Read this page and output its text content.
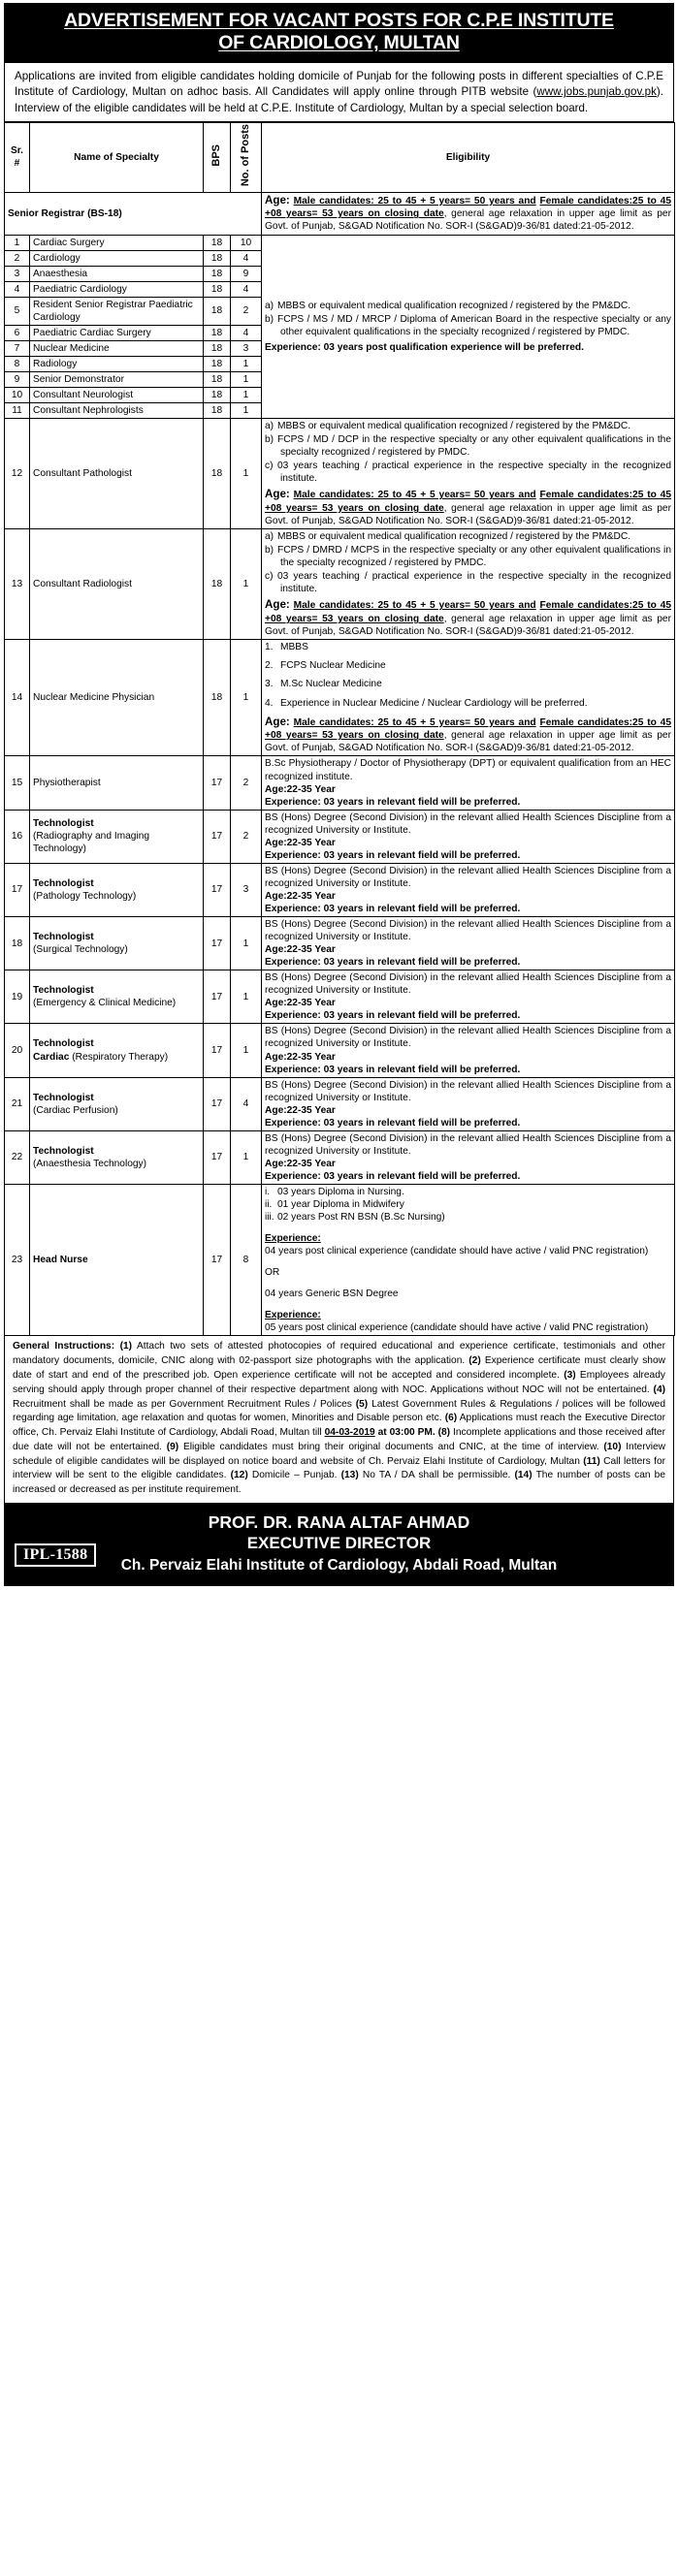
ADVERTISEMENT FOR VACANT POSTS FOR C.P.E INSTITUTE
OF CARDIOLOGY, MULTAN
Applications are invited from eligible candidates holding domicile of Punjab for the following posts in different specialties of C.P.E Institute of Cardiology, Multan on adhoc basis. All Candidates will apply online through PITB website (www.jobs.punjab.gov.pk). Interview of the eligible candidates will be held at C.P.E. Institute of Cardiology, Multan by a special selection board.
Sr.
#	Name of Specialty	BPS	No. of Posts	Eligibility
Senior Registrar (BS-18)				Age: Male candidates: 25 to 45 + 5 years= 50 years and Female candidates:25 to 45 +08 years= 53 years on closing date, general age relaxation in upper age limit as per Govt. of Punjab, S&GAD Notification No. SOR-I (S&GAD)9-36/81 dated:21-05-2012.
1	Cardiac Surgery	18	10	
a) MBBS or equivalent medical qualification recognized / registered by the PM&DC.
b) FCPS / MS / MD / MRCP / Diploma of American Board in the respective specialty or any other equivalent qualifications in the specialty recognized / registered by PMDC.
Experience: 03 years post qualification experience will be preferred.

2	Cardiology	18	4	
3	Anaesthesia	18	9	
4	Paediatric Cardiology	18	4	
5	Resident Senior Registrar Paediatric Cardiology	18	2	
6	Paediatric Cardiac Surgery	18	4	
7	Nuclear Medicine	18	3	
8	Radiology	18	1	
9	Senior Demonstrator	18	1	
10	Consultant Neurologist	18	1	
11	Consultant Nephrologists	18	1	
12	Consultant Pathologist	18	1	
a) MBBS or equivalent medical qualification recognized / registered by the PM&DC.
b) FCPS / MD / DCP in the respective specialty or any other equivalent qualifications in the specialty recognized / registered by PMDC.
c) 03 years teaching / practical experience in the respective specialty in the recognized institute.
Age: Male candidates: 25 to 45 + 5 years= 50 years and Female candidates:25 to 45 +08 years= 53 years on closing date, general age relaxation in upper age limit as per Govt. of Punjab, S&GAD Notification No. SOR-I (S&GAD)9-36/81 dated:21-05-2012.

13	Consultant Radiologist	18	1	
a) MBBS or equivalent medical qualification recognized / registered by the PM&DC.
b) FCPS / DMRD / MCPS in the respective specialty or any other equivalent qualifications in the specialty recognized / registered by PMDC.
c) 03 years teaching / practical experience in the respective specialty in the recognized institute.
Age: Male candidates: 25 to 45 + 5 years= 50 years and Female candidates:25 to 45 +08 years= 53 years on closing date, general age relaxation in upper age limit as per Govt. of Punjab, S&GAD Notification No. SOR-I (S&GAD)9-36/81 dated:21-05-2012.

14	Nuclear Medicine Physician	18	1	
1. MBBS
2. FCPS Nuclear Medicine
3. M.Sc Nuclear Medicine
4. Experience in Nuclear Medicine / Nuclear Cardiology will be preferred.
Age: Male candidates: 25 to 45 + 5 years= 50 years and Female candidates:25 to 45 +08 years= 53 years on closing date, general age relaxation in upper age limit as per Govt. of Punjab, S&GAD Notification No. SOR-I (S&GAD)9-36/81 dated:21-05-2012.

15	Physiotherapist	17	2	B.Sc Physiotherapy / Doctor of Physiotherapy (DPT) or equivalent qualification from an HEC recognized institute.
Age:22-35 Year
Experience: 03 years in relevant field will be preferred.

16	Technologist
(Radiography and Imaging Technology)	17	2	
BS (Hons) Degree (Second Division) in the relevant allied Health Sciences Discipline from a recognized University or Institute.
Age:22-35 Year
Experience: 03 years in relevant field will be preferred.

17	Technologist
(Pathology Technology)	17	3	
BS (Hons) Degree (Second Division) in the relevant allied Health Sciences Discipline from a recognized University or Institute.
Age:22-35 Year
Experience: 03 years in relevant field will be preferred.

18	Technologist
(Surgical Technology)	17	1	
BS (Hons) Degree (Second Division) in the relevant allied Health Sciences Discipline from a recognized University or Institute.
Age:22-35 Year
Experience: 03 years in relevant field will be preferred.

19	Technologist
(Emergency & Clinical Medicine)	17	1	
BS (Hons) Degree (Second Division) in the relevant allied Health Sciences Discipline from a recognized University or Institute.
Age:22-35 Year
Experience: 03 years in relevant field will be preferred.

20	Technologist
Cardiac (Respiratory Therapy)	17	1	
BS (Hons) Degree (Second Division) in the relevant allied Health Sciences Discipline from a recognized University or Institute.
Age:22-35 Year
Experience: 03 years in relevant field will be preferred.

21	Technologist
(Cardiac Perfusion)	17	4	
BS (Hons) Degree (Second Division) in the relevant allied Health Sciences Discipline from a recognized University or Institute.
Age:22-35 Year
Experience: 03 years in relevant field will be preferred.

22	Technologist
(Anaesthesia Technology)	17	1	
BS (Hons) Degree (Second Division) in the relevant allied Health Sciences Discipline from a recognized University or Institute.
Age:22-35 Year
Experience: 03 years in relevant field will be preferred.

23	Head Nurse	17	8	
i. 03 years Diploma in Nursing.
ii. 01 year Diploma in Midwifery
iii. 02 years Post RN BSN (B.Sc Nursing)
Experience:
04 years post clinical experience (candidate should have active / valid PNC registration)
OR
04 years Generic BSN Degree
Experience:
05 years post clinical experience (candidate should have active / valid PNC registration)
General Instructions: (1) Attach two sets of attested photocopies of required educational and experience certificate, testimonials and other mandatory documents, domicile, CNIC along with 02-passport size photographs with the application. (2) Experience certificate must clearly show date of start and end of the prescribed job. Open experience certificate will not be accepted and considered incomplete. (3) Employees already serving should apply through proper channel of their respective department along with NOC. Applications without NOC will not be entertained. (4) Recruitment shall be made as per Government Recruitment Rules / Polices (5) Latest Government Rules & Regulations / polices will be followed regarding age limitation, age relaxation and quotas for women, Minorities and Disable person etc. (6) Applications must reach the Executive Director office, Ch. Pervaiz Elahi Institute of Cardiology, Abdali Road, Multan till 04-03-2019 at 03:00 PM. (8) Incomplete applications and those received after due date will not be entertained. (9) Eligible candidates must bring their original documents and CNIC, at the time of interview. (10) Interview schedule of eligible candidates will be displayed on notice board and website of Ch. Pervaiz Elahi Institute of Cardiology, Multan (11) Call letters for interview will be sent to the eligible candidates. (12) Domicile – Punjab. (13) No TA / DA shall be permissible. (14) The number of posts can be increased or decreased as per institute requirement.
IPL-1588
PROF. DR. RANA ALTAF AHMAD
EXECUTIVE DIRECTOR
Ch. Pervaiz Elahi Institute of Cardiology, Abdali Road, Multan
